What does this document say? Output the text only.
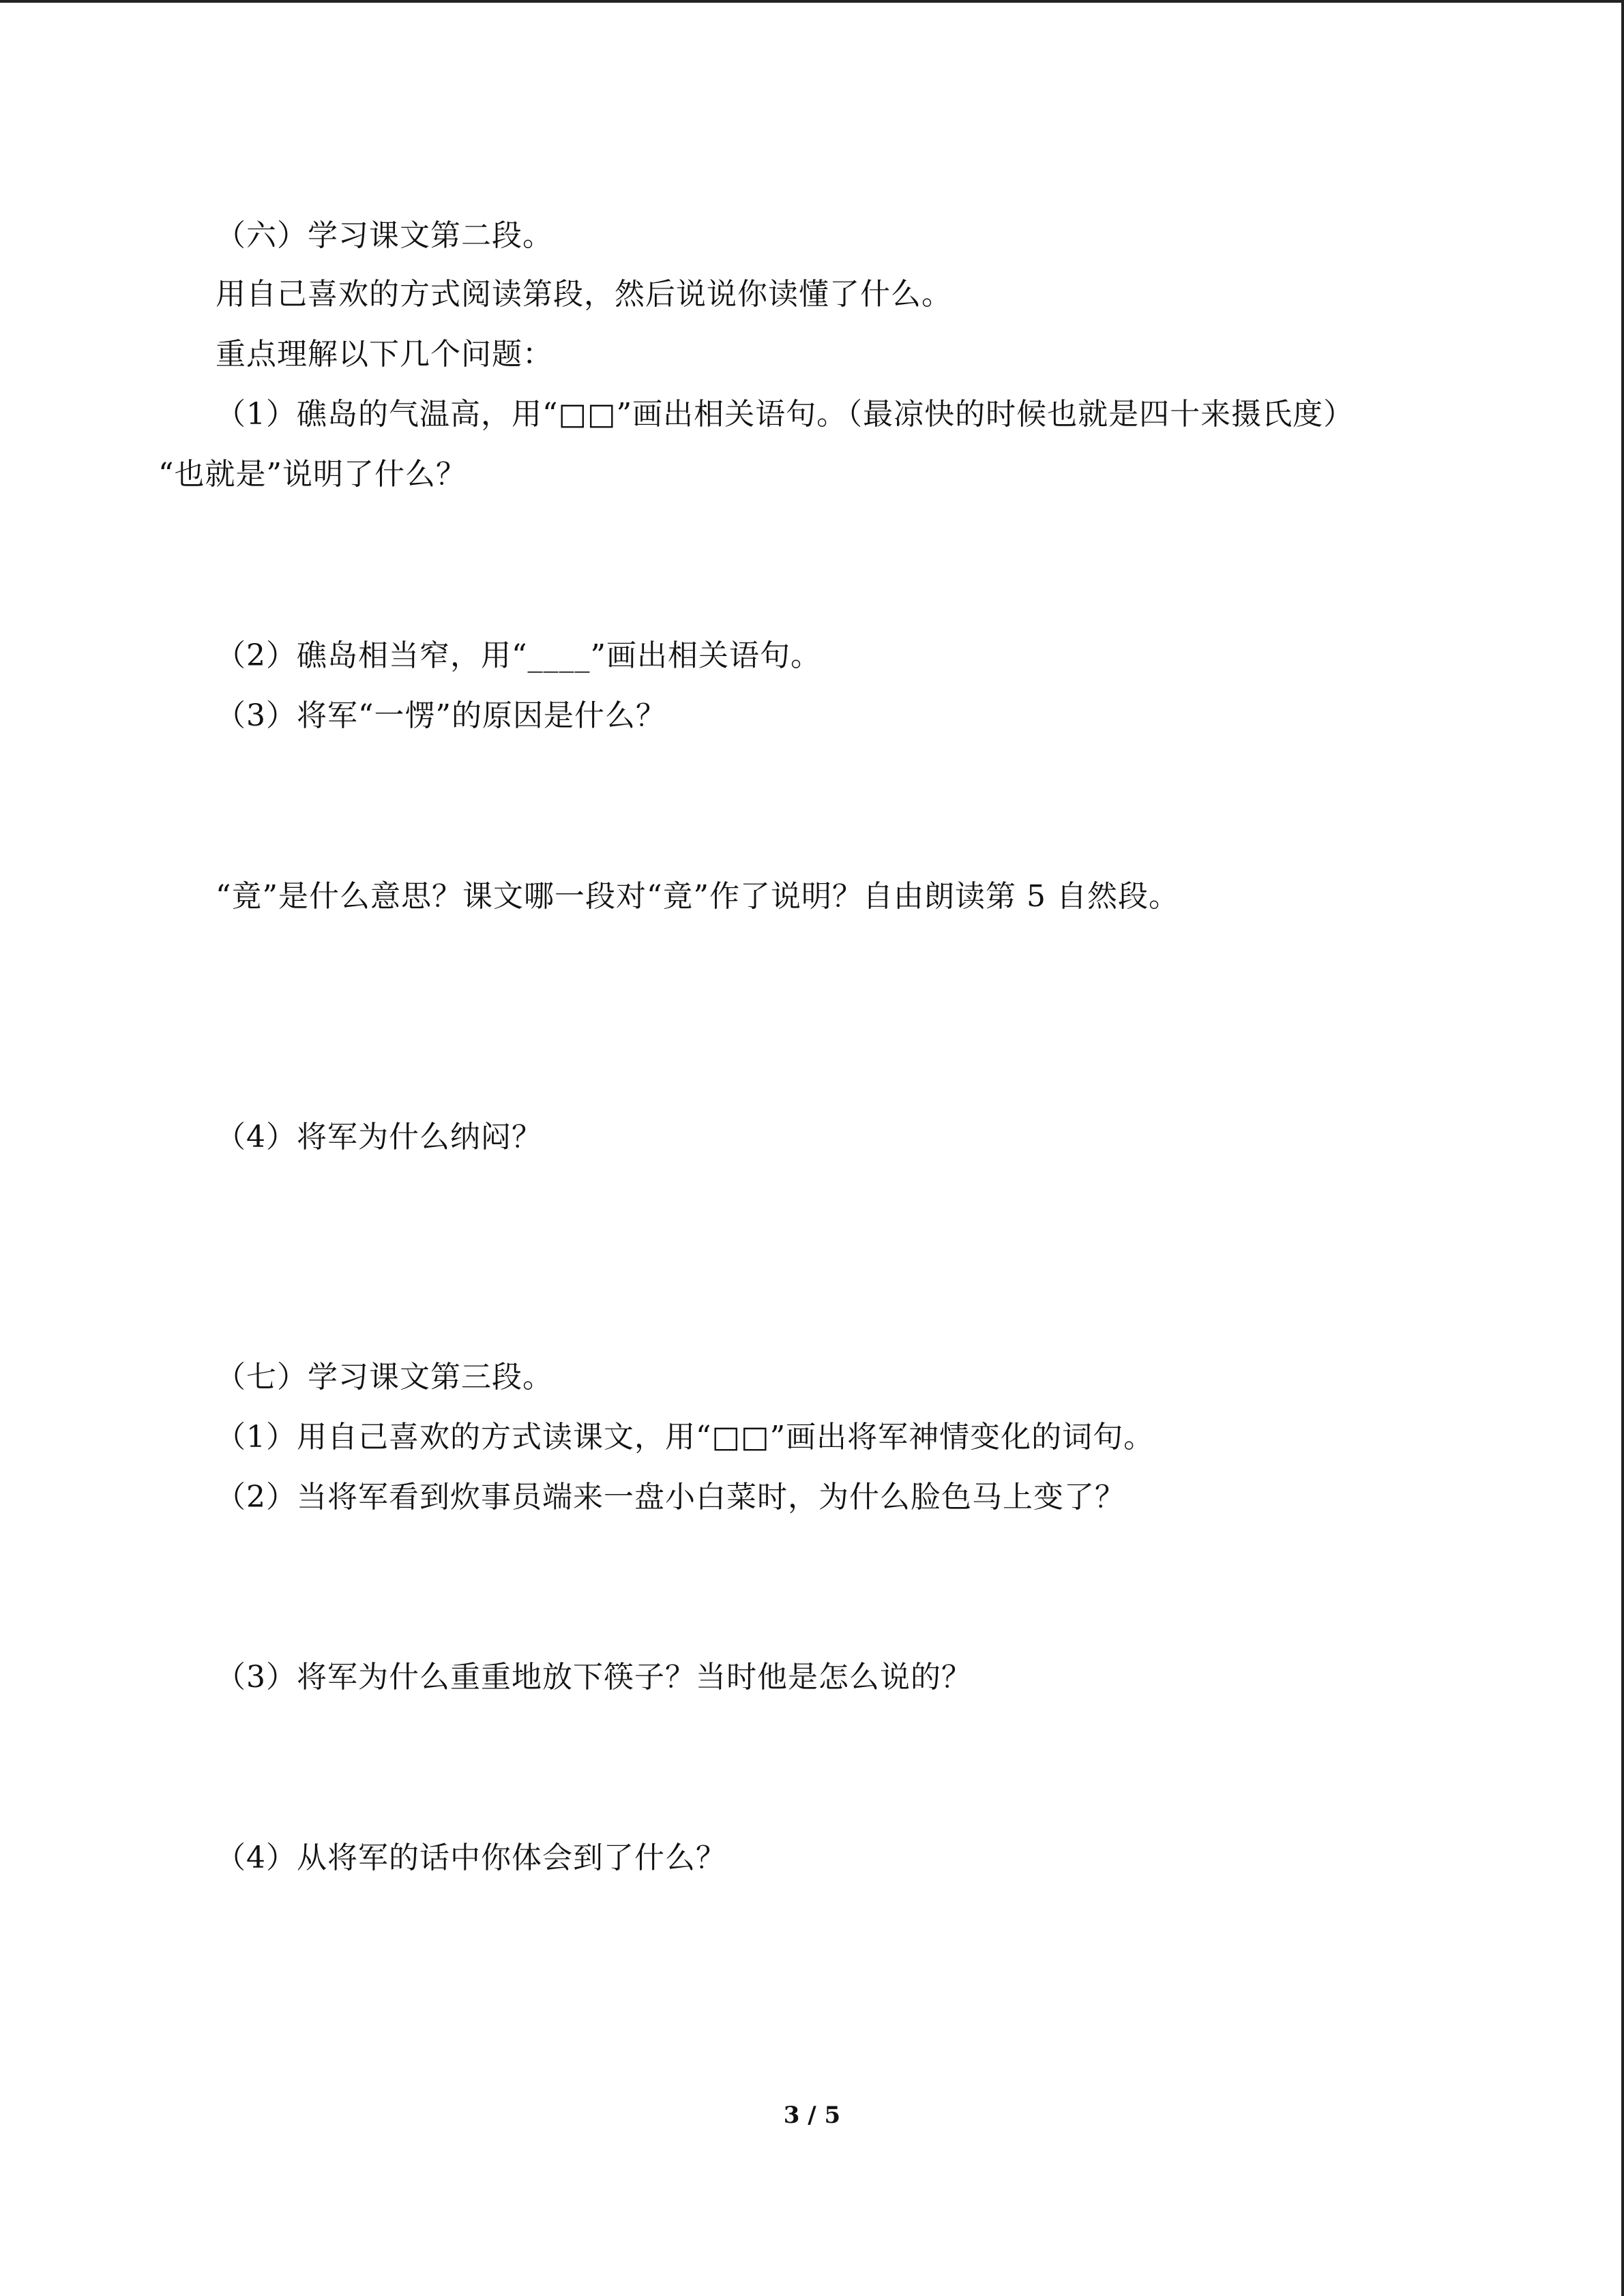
（六）学习课文第二段。
用自己喜欢的方式阅读第段，然后说说你读懂了什么。
重点理解以下几个问题：
（1）礁岛的气温高，用“□□”画出相关语句。（最凉快的时候也就是四十来摄氏度）
“也就是”说明了什么？
（2）礁岛相当窄，用“____”画出相关语句。
（3）将军“一愣”的原因是什么？
“竟”是什么意思？课文哪一段对“竟”作了说明？自由朗读第 5 自然段。
（4）将军为什么纳闷？
（七）学习课文第三段。
（1）用自己喜欢的方式读课文，用“□□”画出将军神情变化的词句。
（2）当将军看到炊事员端来一盘小白菜时，为什么脸色马上变了？
（3）将军为什么重重地放下筷子？当时他是怎么说的？
（4）从将军的话中你体会到了什么？
3 / 5
